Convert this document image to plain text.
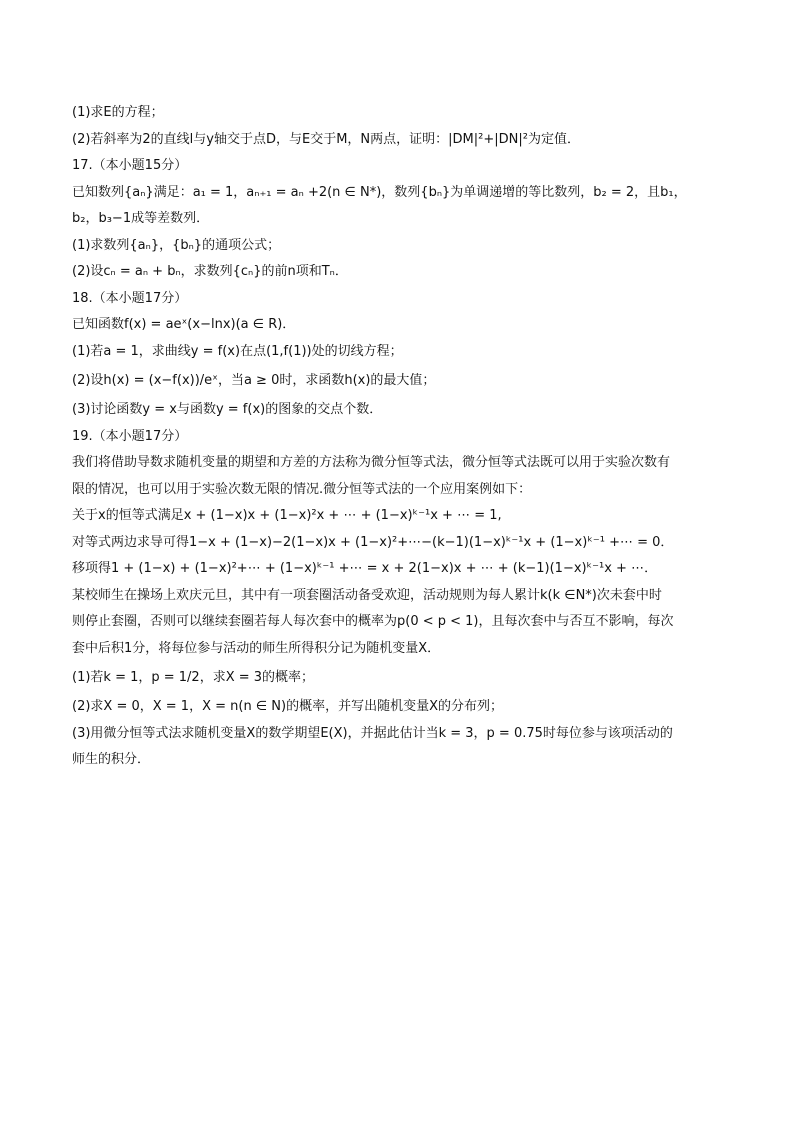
(1)求E的方程；
(2)若斜率为2的直线l与y轴交于点D，与E交于M，N两点，证明：|DM|²+|DN|²为定值．
17.（本小题15分）
已知数列{aₙ}满足：a₁ = 1，aₙ₊₁ = aₙ +2(n ∈ N*)，数列{bₙ}为单调递增的等比数列，b₂ = 2，且b₁，
b₂，b₃−1成等差数列．
(1)求数列{aₙ}，{bₙ}的通项公式；
(2)设cₙ = aₙ + bₙ，求数列{cₙ}的前n项和Tₙ．
18.（本小题17分）
已知函数f(x) = aeˣ(x−lnx)(a ∈ R)．
(1)若a = 1，求曲线y = f(x)在点(1,f(1))处的切线方程；
(2)设h(x) = (x−f(x))/eˣ，当a ≥ 0时，求函数h(x)的最大值；
(3)讨论函数y = x与函数y = f(x)的图象的交点个数．
19.（本小题17分）
我们将借助导数求随机变量的期望和方差的方法称为微分恒等式法，微分恒等式法既可以用于实验次数有
限的情况，也可以用于实验次数无限的情况.微分恒等式法的一个应用案例如下：
关于x的恒等式满足x + (1−x)x + (1−x)²x + ⋯ + (1−x)ᵏ⁻¹x + ⋯ = 1,
对等式两边求导可得1−x + (1−x)−2(1−x)x + (1−x)²+⋯−(k−1)(1−x)ᵏ⁻¹x + (1−x)ᵏ⁻¹ +⋯ = 0．
移项得1 + (1−x) + (1−x)²+⋯ + (1−x)ᵏ⁻¹ +⋯ = x + 2(1−x)x + ⋯ + (k−1)(1−x)ᵏ⁻¹x + ⋯．
某校师生在操场上欢庆元旦，其中有一项套圈活动备受欢迎，活动规则为每人累计k(k ∈N*)次未套中时
则停止套圈，否则可以继续套圈若每人每次套中的概率为p(0 < p < 1)，且每次套中与否互不影响，每次
套中后积1分，将每位参与活动的师生所得积分记为随机变量X．
(1)若k = 1，p = 1/2，求X = 3的概率；
(2)求X = 0，X = 1，X = n(n ∈ N)的概率，并写出随机变量X的分布列；
(3)用微分恒等式法求随机变量X的数学期望E(X)，并据此估计当k = 3，p = 0.75时每位参与该项活动的
师生的积分．
